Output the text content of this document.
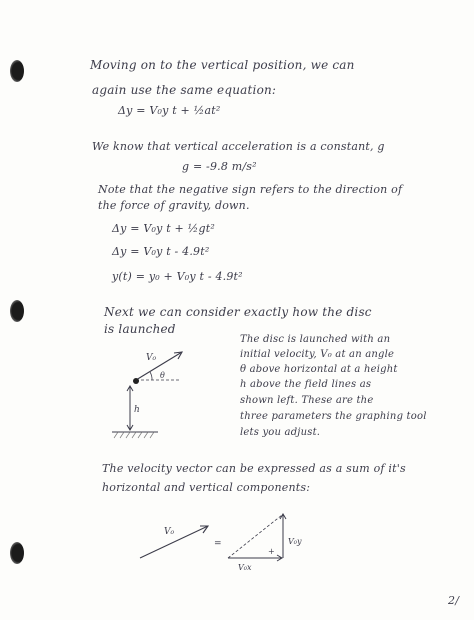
Moving on to the vertical position, we can
again use the same equation:
Δy = V₀y t + ½at²
We know that vertical acceleration is a constant, g
g = -9.8 m/s²
Note that the negative sign refers to the direction of
the force of gravity, down.
Δy = V₀y t + ½gt²
Δy = V₀y t - 4.9t²
y(t) = y₀ + V₀y t - 4.9t²
Next we can consider exactly how the disc
is launched
V₀
θ
h
The disc is launched with an
initial velocity, V₀ at an angle
θ above horizontal at a height
h above the field lines as
shown left. These are the
three parameters the graphing tool
lets you adjust.
The velocity vector can be expressed as a sum of it's
horizontal and vertical components:
V₀
=
V₀x
V₀y
+
2/
